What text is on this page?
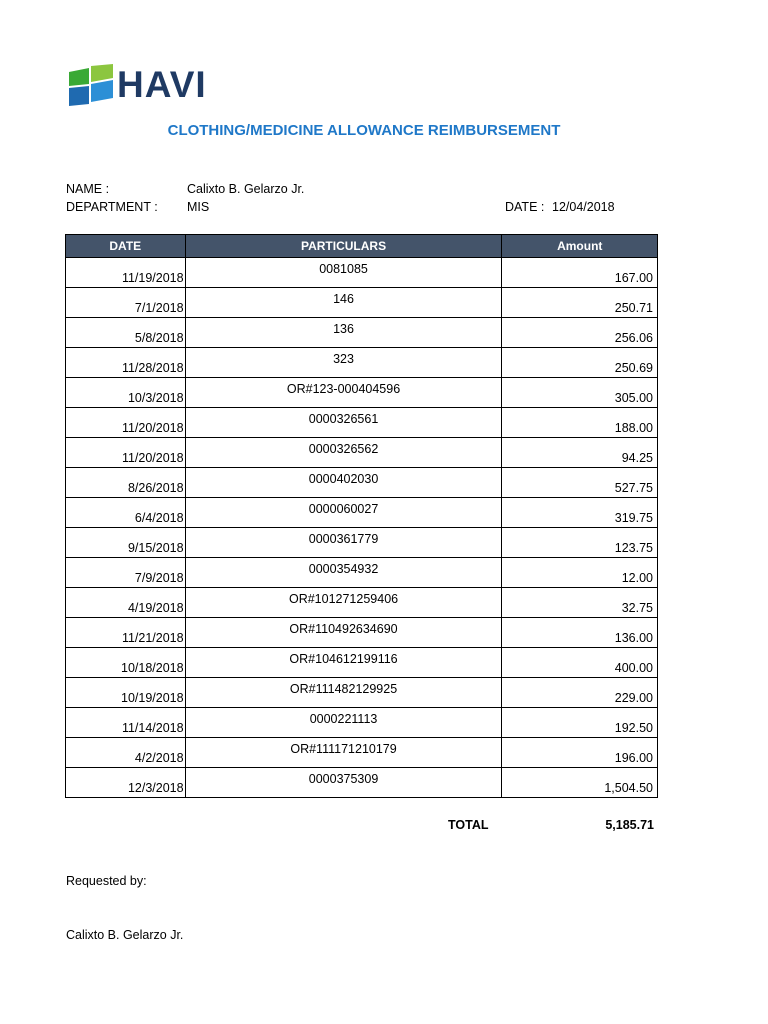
HAVI
CLOTHING/MEDICINE ALLOWANCE REIMBURSEMENT
NAME :	Calixto B. Gelarzo Jr.
DEPARTMENT : MIS	DATE : 12/04/2018
DATE	PARTICULARS	Amount

11/19/2018	0081085	167.00

7/1/2018	146	250.71

5/8/2018	136	256.06

11/28/2018	323	250.69

10/3/2018	OR#123-000404596	305.00

11/20/2018	0000326561	188.00

11/20/2018	0000326562	94.25

8/26/2018	0000402030	527.75

6/4/2018	0000060027	319.75

9/15/2018	0000361779	123.75

7/9/2018	0000354932	12.00

4/19/2018	OR#101271259406	32.75

11/21/2018	OR#110492634690	136.00

10/18/2018	OR#104612199116	400.00

10/19/2018	OR#111482129925	229.00

11/14/2018	0000221113	192.50

4/2/2018	OR#111171210179	196.00

12/3/2018	0000375309	1,504.50
TOTAL	5,185.71
Requested by:
Calixto B. Gelarzo Jr.
